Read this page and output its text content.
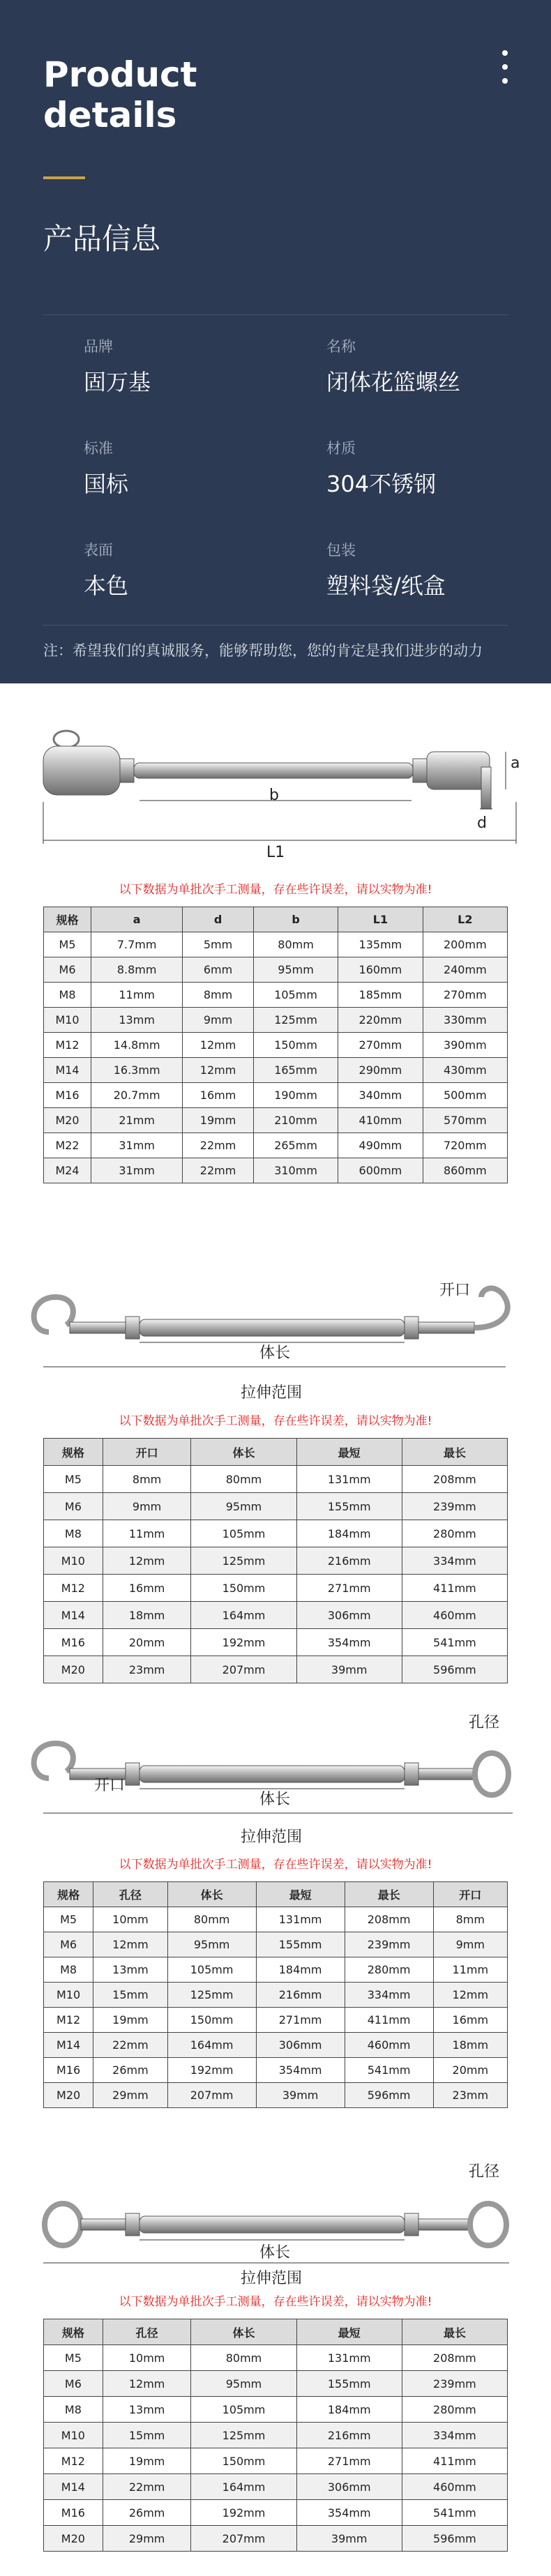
Product
details
产品信息
品牌
固万基
名称
闭体花篮螺丝
标准
国标
材质
304不锈钢
表面
本色
包装
塑料袋/纸盒
注：希望我们的真诚服务，能够帮助您，您的肯定是我们进步的动力
b
a
d
L1
以下数据为单批次手工测量，存在些许误差，请以实物为准!
规格	a	d	b	L1	L2
M5	7.7mm	5mm	80mm	135mm	200mm
M6	8.8mm	6mm	95mm	160mm	240mm
M8	11mm	8mm	105mm	185mm	270mm
M10	13mm	9mm	125mm	220mm	330mm
M12	14.8mm	12mm	150mm	270mm	390mm
M14	16.3mm	12mm	165mm	290mm	430mm
M16	20.7mm	16mm	190mm	340mm	500mm
M20	21mm	19mm	210mm	410mm	570mm
M22	31mm	22mm	265mm	490mm	720mm
M24	31mm	22mm	310mm	600mm	860mm
开口
体长
拉伸范围
以下数据为单批次手工测量，存在些许误差，请以实物为准!
规格	开口	体长	最短	最长
M5	8mm	80mm	131mm	208mm
M6	9mm	95mm	155mm	239mm
M8	11mm	105mm	184mm	280mm
M10	12mm	125mm	216mm	334mm
M12	16mm	150mm	271mm	411mm
M14	18mm	164mm	306mm	460mm
M16	20mm	192mm	354mm	541mm
M20	23mm	207mm	39mm	596mm
孔径
开口
体长
拉伸范围
以下数据为单批次手工测量，存在些许误差，请以实物为准!
规格	孔径	体长	最短	最长	开口
M5	10mm	80mm	131mm	208mm	8mm
M6	12mm	95mm	155mm	239mm	9mm
M8	13mm	105mm	184mm	280mm	11mm
M10	15mm	125mm	216mm	334mm	12mm
M12	19mm	150mm	271mm	411mm	16mm
M14	22mm	164mm	306mm	460mm	18mm
M16	26mm	192mm	354mm	541mm	20mm
M20	29mm	207mm	39mm	596mm	23mm
孔径
体长
拉伸范围
以下数据为单批次手工测量，存在些许误差，请以实物为准!
规格	孔径	体长	最短	最长
M5	10mm	80mm	131mm	208mm
M6	12mm	95mm	155mm	239mm
M8	13mm	105mm	184mm	280mm
M10	15mm	125mm	216mm	334mm
M12	19mm	150mm	271mm	411mm
M14	22mm	164mm	306mm	460mm
M16	26mm	192mm	354mm	541mm
M20	29mm	207mm	39mm	596mm
